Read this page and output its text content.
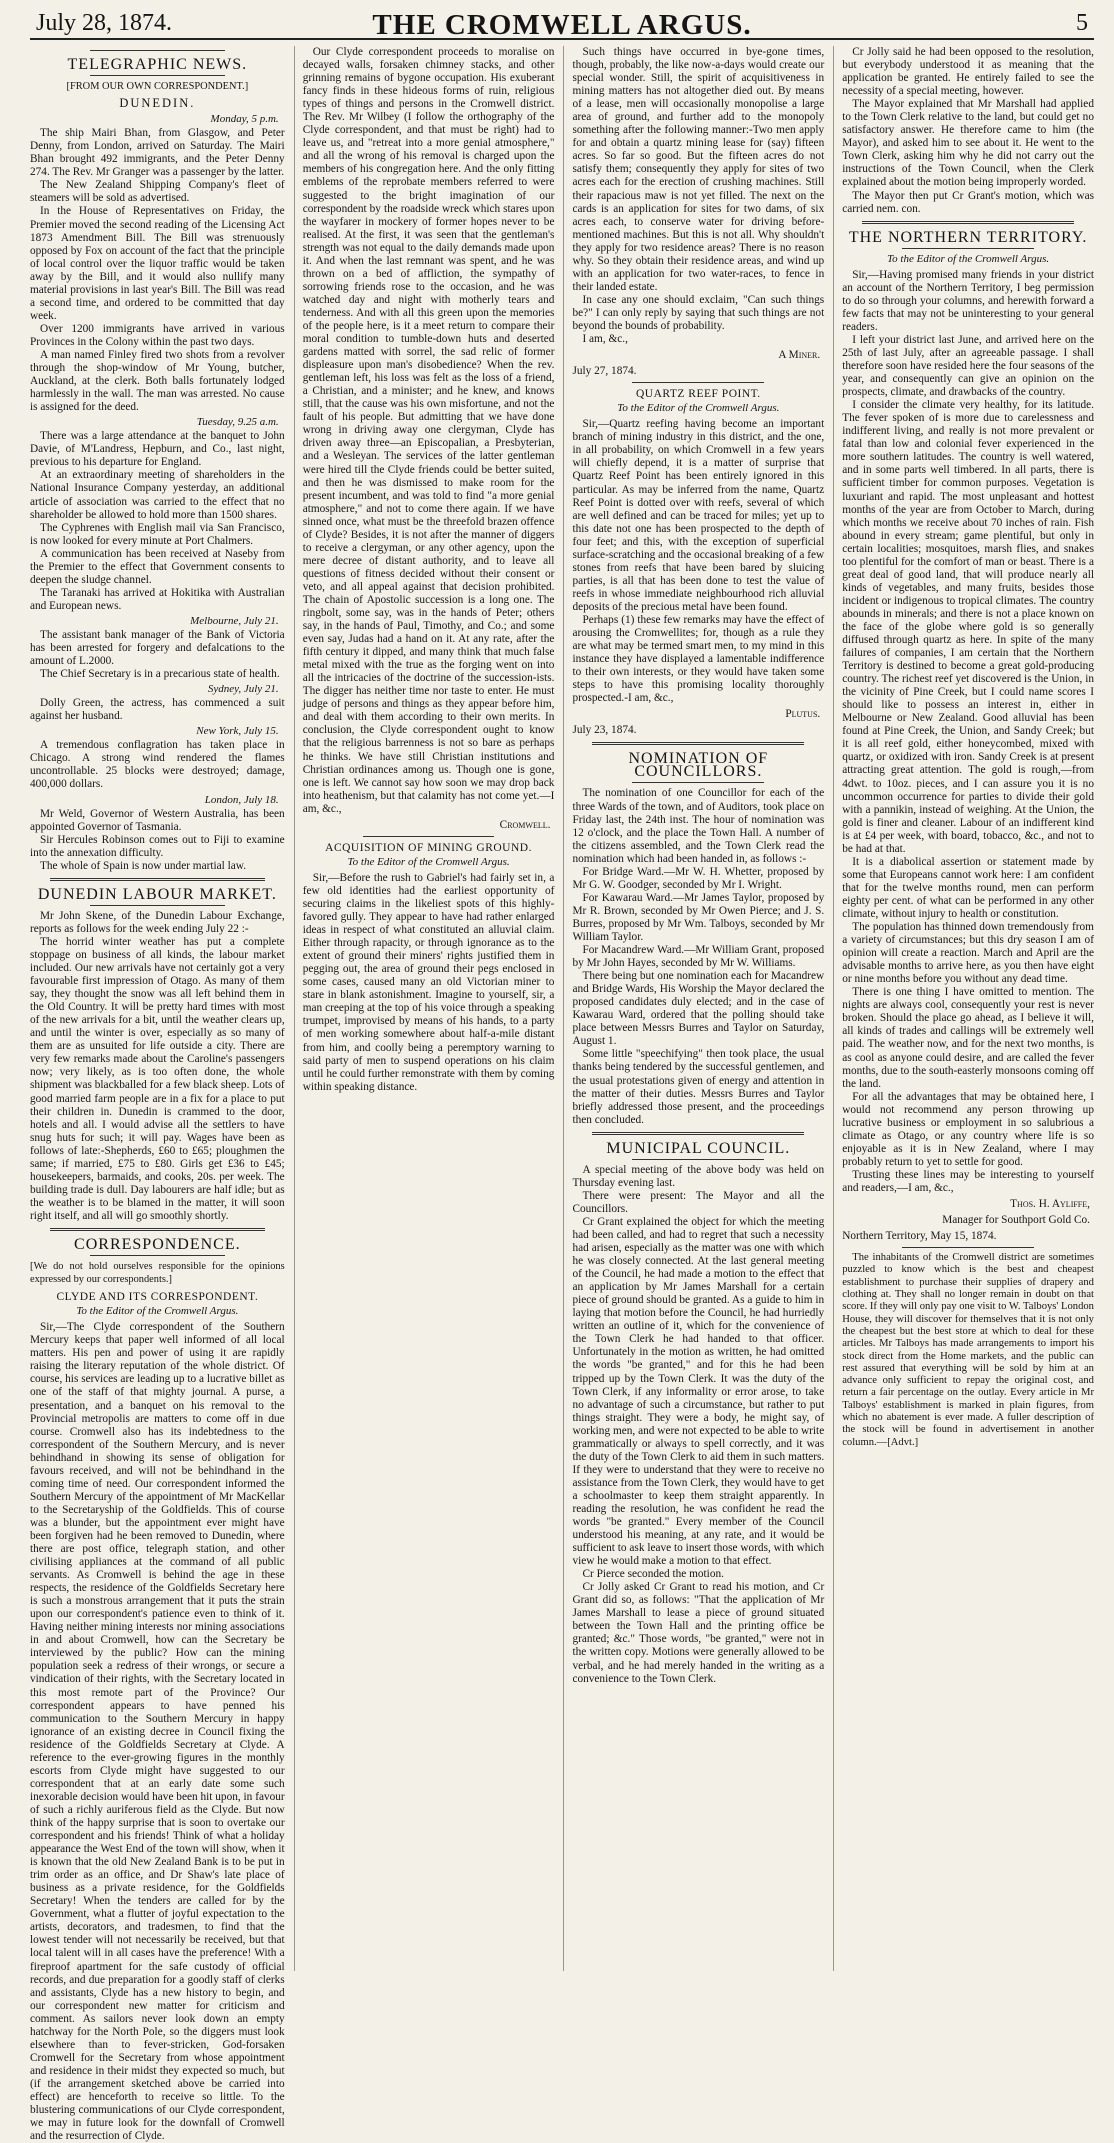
July 28, 1874.	THE CROMWELL ARGUS.	5
TELEGRAPHIC NEWS.

[FROM OUR OWN CORRESPONDENT.]

DUNEDIN.
Monday, 5 p.m.

The ship Mairi Bhan, from Glasgow, and Peter Denny, from London, arrived on Saturday. The Mairi Bhan brought 492 immigrants, and the Peter Denny 274. The Rev. Mr Granger was a passenger by the latter.

The New Zealand Shipping Company's fleet of steamers will be sold as advertised.

In the House of Representatives on Friday, the Premier moved the second reading of the Licensing Act 1873 Amendment Bill. The Bill was strenuously opposed by Fox on account of the fact that the principle of local control over the liquor traffic would be taken away by the Bill, and it would also nullify many material provisions in last year's Bill. The Bill was read a second time, and ordered to be committed that day week.

Over 1200 immigrants have arrived in various Provinces in the Colony within the past two days.

A man named Finley fired two shots from a revolver through the shop-window of Mr Young, butcher, Auckland, at the clerk. Both balls fortunately lodged harmlessly in the wall. The man was arrested. No cause is assigned for the deed.

Tuesday, 9.25 a.m.

There was a large attendance at the banquet to John Davie, of M'Landress, Hepburn, and Co., last night, previous to his departure for England.

At an extraordinary meeting of shareholders in the National Insurance Company yesterday, an additional article of association was carried to the effect that no shareholder be allowed to hold more than 1500 shares.

The Cyphrenes with English mail via San Francisco, is now looked for every minute at Port Chalmers.

A communication has been received at Naseby from the Premier to the effect that Government consents to deepen the sludge channel.

The Taranaki has arrived at Hokitika with Australian and European news.

Melbourne, July 21.

The assistant bank manager of the Bank of Victoria has been arrested for forgery and defalcations to the amount of L.2000.

The Chief Secretary is in a precarious state of health.

Sydney, July 21.

Dolly Green, the actress, has commenced a suit against her husband.

New York, July 15.

A tremendous conflagration has taken place in Chicago. A strong wind rendered the flames uncontrollable. 25 blocks were destroyed; damage, 400,000 dollars.

London, July 18.

Mr Weld, Governor of Western Australia, has been appointed Governor of Tasmania.

Sir Hercules Robinson comes out to Fiji to examine into the annexation difficulty.

The whole of Spain is now under martial law.

DUNEDIN LABOUR MARKET.

Mr John Skene, of the Dunedin Labour Exchange, reports as follows for the week ending July 22 :-

The horrid winter weather has put a complete stoppage on business of all kinds, the labour market included. Our new arrivals have not certainly got a very favourable first impression of Otago. As many of them say, they thought the snow was all left behind them in the Old Country. It will be pretty hard times with most of the new arrivals for a bit, until the weather clears up, and until the winter is over, especially as so many of them are as unsuited for life outside a city. There are very few remarks made about the Caroline's passengers now; very likely, as is too often done, the whole shipment was blackballed for a few black sheep. Lots of good married farm people are in a fix for a place to put their children in. Dunedin is crammed to the door, hotels and all. I would advise all the settlers to have snug huts for such; it will pay. Wages have been as follows of late:-Shepherds, £60 to £65; ploughmen the same; if married, £75 to £80. Girls get £36 to £45; housekeepers, barmaids, and cooks, 20s. per week. The building trade is dull. Day labourers are half idle; but as the weather is to be blamed in the matter, it will soon right itself, and all will go smoothly shortly.

CORRESPONDENCE.

[We do not hold ourselves responsible for the opinions expressed by our correspondents.]

CLYDE AND ITS CORRESPONDENT.
To the Editor of the Cromwell Argus.

Sir,—The Clyde correspondent of the Southern Mercury keeps that paper well informed of all local matters. His pen and power of using it are rapidly raising the literary reputation of the whole district. Of course, his services are leading up to a lucrative billet as one of the staff of that mighty journal. A purse, a presentation, and a banquet on his removal to the Provincial metropolis are matters to come off in due course. Cromwell also has its indebtedness to the correspondent of the Southern Mercury, and is never behindhand in showing its sense of obligation for favours received, and will not be behindhand in the coming time of need. Our correspondent informed the Southern Mercury of the appointment of Mr MacKellar to the Secretaryship of the Goldfields. This of course was a blunder, but the appointment ever might have been forgiven had he been removed to Dunedin, where there are post office, telegraph station, and other civilising appliances at the command of all public servants. As Cromwell is behind the age in these respects, the residence of the Goldfields Secretary here is such a monstrous arrangement that it puts the strain upon our correspondent's patience even to think of it. Having neither mining interests nor mining associations in and about Cromwell, how can the Secretary be interviewed by the public? How can the mining population seek a redress of their wrongs, or secure a vindication of their rights, with the Secretary located in this most remote part of the Province? Our correspondent appears to have penned his communication to the Southern Mercury in happy ignorance of an existing decree in Council fixing the residence of the Goldfields Secretary at Clyde. A reference to the ever-growing figures in the monthly escorts from Clyde might have suggested to our correspondent that at an early date some such inexorable decision would have been hit upon, in favour of such a richly auriferous field as the Clyde. But now think of the happy surprise that is soon to overtake our correspondent and his friends! Think of what a holiday appearance the West End of the town will show, when it is known that the old New Zealand Bank is to be put in trim order as an office, and Dr Shaw's late place of business as a private residence, for the Goldfields Secretary! When the tenders are called for by the Government, what a flutter of joyful expectation to the artists, decorators, and tradesmen, to find that the lowest tender will not necessarily be received, but that local talent will in all cases have the preference! With a fireproof apartment for the safe custody of official records, and due preparation for a goodly staff of clerks and assistants, Clyde has a new history to begin, and our correspondent new matter for criticism and comment. As sailors never look down an empty hatchway for the North Pole, so the diggers must look elsewhere than to fever-stricken, God-forsaken Cromwell for the Secretary from whose appointment and residence in their midst they expected so much, but (if the arrangement sketched above be carried into effect) are henceforth to receive so little. To the blustering communications of our Clyde correspondent, we may in future look for the downfall of Cromwell and the resurrection of Clyde.

Our Clyde correspondent proceeds to moralise on decayed walls, forsaken chimney stacks, and other grinning remains of bygone occupation. His exuberant fancy finds in these hideous forms of ruin, religious types of things and persons in the Cromwell district. The Rev. Mr Wilbey (I follow the orthography of the Clyde correspondent, and that must be right) had to leave us, and "retreat into a more genial atmosphere," and all the wrong of his removal is charged upon the members of his congregation here. And the only fitting emblems of the reprobate members referred to were suggested to the bright imagination of our correspondent by the roadside wreck which stares upon the wayfarer in mockery of former hopes never to be realised. At the first, it was seen that the gentleman's strength was not equal to the daily demands made upon it. And when the last remnant was spent, and he was thrown on a bed of affliction, the sympathy of sorrowing friends rose to the occasion, and he was watched day and night with motherly tears and tenderness. And with all this green upon the memories of the people here, is it a meet return to compare their moral condition to tumble-down huts and deserted gardens matted with sorrel, the sad relic of former displeasure upon man's disobedience? When the rev. gentleman left, his loss was felt as the loss of a friend, a Christian, and a minister; and he knew, and knows still, that the cause was his own misfortune, and not the fault of his people. But admitting that we have done wrong in driving away one clergyman, Clyde has driven away three—an Episcopalian, a Presbyterian, and a Wesleyan. The services of the latter gentleman were hired till the Clyde friends could be better suited, and then he was dismissed to make room for the present incumbent, and was told to find "a more genial atmosphere," and not to come there again. If we have sinned once, what must be the threefold brazen offence of Clyde? Besides, it is not after the manner of diggers to receive a clergyman, or any other agency, upon the mere decree of distant authority, and to leave all questions of fitness decided without their consent or veto, and all appeal against that decision prohibited. The chain of Apostolic succession is a long one. The ringbolt, some say, was in the hands of Peter; others say, in the hands of Paul, Timothy, and Co.; and some even say, Judas had a hand on it. At any rate, after the fifth century it dipped, and many think that much false metal mixed with the true as the forging went on into all the intricacies of the doctrine of the succession-ists. The digger has neither time nor taste to enter. He must judge of persons and things as they appear before him, and deal with them according to their own merits. In conclusion, the Clyde correspondent ought to know that the religious barrenness is not so bare as perhaps he thinks. We have still Christian institutions and Christian ordinances among us. Though one is gone, one is left. We cannot say how soon we may drop back into heathenism, but that calamity has not come yet.—I am, &c.,

Cromwell.
ACQUISITION OF MINING GROUND.
To the Editor of the Cromwell Argus.

Sir,—Before the rush to Gabriel's had fairly set in, a few old identities had the earliest opportunity of securing claims in the likeliest spots of this highly-favored gully. They appear to have had rather enlarged ideas in respect of what constituted an alluvial claim. Either through rapacity, or through ignorance as to the extent of ground their miners' rights justified them in pegging out, the area of ground their pegs enclosed in some cases, caused many an old Victorian miner to stare in blank astonishment. Imagine to yourself, sir, a man creeping at the top of his voice through a speaking trumpet, improvised by means of his hands, to a party of men working somewhere about half-a-mile distant from him, and coolly being a peremptory warning to said party of men to suspend operations on his claim until he could further remonstrate with them by coming within speaking distance.

Such things have occurred in bye-gone times, though, probably, the like now-a-days would create our special wonder. Still, the spirit of acquisitiveness in mining matters has not altogether died out. By means of a lease, men will occasionally monopolise a large area of ground, and further add to the monopoly something after the following manner:-Two men apply for and obtain a quartz mining lease for (say) fifteen acres. So far so good. But the fifteen acres do not satisfy them; consequently they apply for sites of two acres each for the erection of crushing machines. Still their rapacious maw is not yet filled. The next on the cards is an application for sites for two dams, of six acres each, to conserve water for driving before-mentioned machines. But this is not all. Why shouldn't they apply for two residence areas? There is no reason why. So they obtain their residence areas, and wind up with an application for two water-races, to fence in their landed estate.

In case any one should exclaim, "Can such things be?" I can only reply by saying that such things are not beyond the bounds of probability.

I am, &c.,

A Miner.

July 27, 1874.

QUARTZ REEF POINT.
To the Editor of the Cromwell Argus.

Sir,—Quartz reefing having become an important branch of mining industry in this district, and the one, in all probability, on which Cromwell in a few years will chiefly depend, it is a matter of surprise that Quartz Reef Point has been entirely ignored in this particular. As may be inferred from the name, Quartz Reef Point is dotted over with reefs, several of which are well defined and can be traced for miles; yet up to this date not one has been prospected to the depth of four feet; and this, with the exception of superficial surface-scratching and the occasional breaking of a few stones from reefs that have been bared by sluicing parties, is all that has been done to test the value of reefs in whose immediate neighbourhood rich alluvial deposits of the precious metal have been found.

Perhaps (1) these few remarks may have the effect of arousing the Cromwellites; for, though as a rule they are what may be termed smart men, to my mind in this instance they have displayed a lamentable indifference to their own interests, or they would have taken some steps to have this promising locality thoroughly prospected.-I am, &c.,

Plutus.

July 23, 1874.

NOMINATION OF COUNCILLORS.

The nomination of one Councillor for each of the three Wards of the town, and of Auditors, took place on Friday last, the 24th inst. The hour of nomination was 12 o'clock, and the place the Town Hall. A number of the citizens assembled, and the Town Clerk read the nomination which had been handed in, as follows :-

For Bridge Ward.—Mr W. H. Whetter, proposed by Mr G. W. Goodger, seconded by Mr I. Wright.

For Kawarau Ward.—Mr James Taylor, proposed by Mr R. Brown, seconded by Mr Owen Pierce; and J. S. Burres, proposed by Mr Wm. Talboys, seconded by Mr William Taylor.

For Macandrew Ward.—Mr William Grant, proposed by Mr John Hayes, seconded by Mr W. Williams.

There being but one nomination each for Macandrew and Bridge Wards, His Worship the Mayor declared the proposed candidates duly elected; and in the case of Kawarau Ward, ordered that the polling should take place between Messrs Burres and Taylor on Saturday, August 1.

Some little "speechifying" then took place, the usual thanks being tendered by the successful gentlemen, and the usual protestations given of energy and attention in the matter of their duties. Messrs Burres and Taylor briefly addressed those present, and the proceedings then concluded.

MUNICIPAL COUNCIL.

A special meeting of the above body was held on Thursday evening last.

There were present: The Mayor and all the Councillors.

Cr Grant explained the object for which the meeting had been called, and had to regret that such a necessity had arisen, especially as the matter was one with which he was closely connected. At the last general meeting of the Council, he had made a motion to the effect that an application by Mr James Marshall for a certain piece of ground should be granted. As a guide to him in laying that motion before the Council, he had hurriedly written an outline of it, which for the convenience of the Town Clerk he had handed to that officer. Unfortunately in the motion as written, he had omitted the words "be granted," and for this he had been tripped up by the Town Clerk. It was the duty of the Town Clerk, if any informality or error arose, to take no advantage of such a circumstance, but rather to put things straight. They were a body, he might say, of working men, and were not expected to be able to write grammatically or always to spell correctly, and it was the duty of the Town Clerk to aid them in such matters. If they were to understand that they were to receive no assistance from the Town Clerk, they would have to get a schoolmaster to keep them straight apparently. In reading the resolution, he was confident he read the words "be granted." Every member of the Council understood his meaning, at any rate, and it would be sufficient to ask leave to insert those words, with which view he would make a motion to that effect.

Cr Pierce seconded the motion.

Cr Jolly asked Cr Grant to read his motion, and Cr Grant did so, as follows: "That the application of Mr James Marshall to lease a piece of ground situated between the Town Hall and the printing office be granted; &c." Those words, "be granted," were not in the written copy. Motions were generally allowed to be verbal, and he had merely handed in the writing as a convenience to the Town Clerk.

Cr Jolly said he had been opposed to the resolution, but everybody understood it as meaning that the application be granted. He entirely failed to see the necessity of a special meeting, however.

The Mayor explained that Mr Marshall had applied to the Town Clerk relative to the land, but could get no satisfactory answer. He therefore came to him (the Mayor), and asked him to see about it. He went to the Town Clerk, asking him why he did not carry out the instructions of the Town Council, when the Clerk explained about the motion being improperly worded.

The Mayor then put Cr Grant's motion, which was carried nem. con.

THE NORTHERN TERRITORY.
To the Editor of the Cromwell Argus.

Sir,—Having promised many friends in your district an account of the Northern Territory, I beg permission to do so through your columns, and herewith forward a few facts that may not be uninteresting to your general readers.

I left your district last June, and arrived here on the 25th of last July, after an agreeable passage. I shall therefore soon have resided here the four seasons of the year, and consequently can give an opinion on the prospects, climate, and drawbacks of the country.

I consider the climate very healthy, for its latitude. The fever spoken of is more due to carelessness and indifferent living, and really is not more prevalent or fatal than low and colonial fever experienced in the more southern latitudes. The country is well watered, and in some parts well timbered. In all parts, there is sufficient timber for common purposes. Vegetation is luxuriant and rapid. The most unpleasant and hottest months of the year are from October to March, during which months we receive about 70 inches of rain. Fish abound in every stream; game plentiful, but only in certain localities; mosquitoes, marsh flies, and snakes too plentiful for the comfort of man or beast. There is a great deal of good land, that will produce nearly all kinds of vegetables, and many fruits, besides those incident or indigenous to tropical climates. The country abounds in minerals; and there is not a place known on the face of the globe where gold is so generally diffused through quartz as here. In spite of the many failures of companies, I am certain that the Northern Territory is destined to become a great gold-producing country. The richest reef yet discovered is the Union, in the vicinity of Pine Creek, but I could name scores I should like to possess an interest in, either in Melbourne or New Zealand. Good alluvial has been found at Pine Creek, the Union, and Sandy Creek; but it is all reef gold, either honeycombed, mixed with quartz, or oxidized with iron. Sandy Creek is at present attracting great attention. The gold is rough,—from 4dwt. to 10oz. pieces, and I can assure you it is no uncommon occurrence for parties to divide their gold with a pannikin, instead of weighing. At the Union, the gold is finer and cleaner. Labour of an indifferent kind is at £4 per week, with board, tobacco, &c., and not to be had at that.

It is a diabolical assertion or statement made by some that Europeans cannot work here: I am confident that for the twelve months round, men can perform eighty per cent. of what can be performed in any other climate, without injury to health or constitution.

The population has thinned down tremendously from a variety of circumstances; but this dry season I am of opinion will create a reaction. March and April are the advisable months to arrive here, as you then have eight or nine months before you without any dead time.

There is one thing I have omitted to mention. The nights are always cool, consequently your rest is never broken. Should the place go ahead, as I believe it will, all kinds of trades and callings will be extremely well paid. The weather now, and for the next two months, is as cool as anyone could desire, and are called the fever months, due to the south-easterly monsoons coming off the land.

For all the advantages that may be obtained here, I would not recommend any person throwing up lucrative business or employment in so salubrious a climate as Otago, or any country where life is so enjoyable as it is in New Zealand, where I may probably return to yet to settle for good.

Trusting these lines may be interesting to yourself and readers,—I am, &c.,

Thos. H. Ayliffe,
Manager for Southport Gold Co.

Northern Territory, May 15, 1874.

The inhabitants of the Cromwell district are sometimes puzzled to know which is the best and cheapest establishment to purchase their supplies of drapery and clothing at. They shall no longer remain in doubt on that score. If they will only pay one visit to W. Talboys' London House, they will discover for themselves that it is not only the cheapest but the best store at which to deal for these articles. Mr Talboys has made arrangements to import his stock direct from the Home markets, and the public can rest assured that everything will be sold by him at an advance only sufficient to repay the original cost, and return a fair percentage on the outlay. Every article in Mr Talboys' establishment is marked in plain figures, from which no abatement is ever made. A fuller description of the stock will be found in advertisement in another column.—[Advt.]
